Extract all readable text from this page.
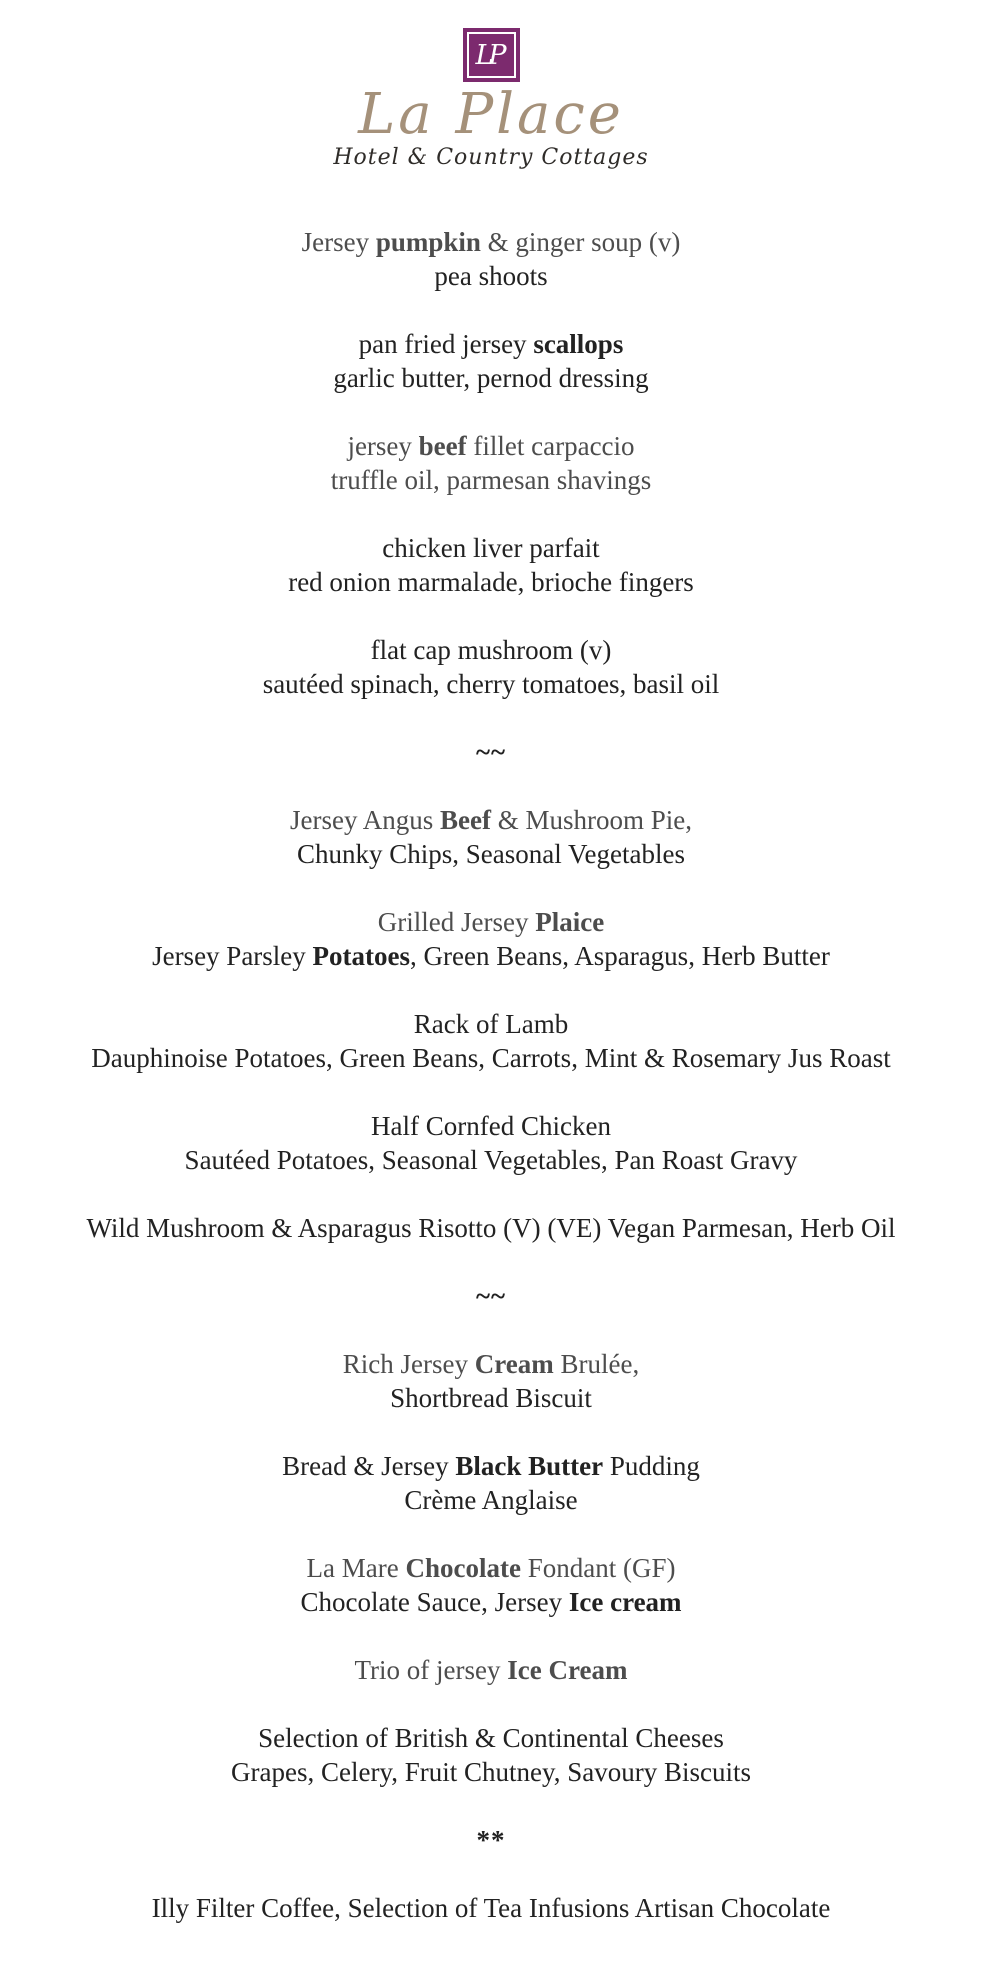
LP
La Place

Hotel & Country Cottages

Jersey pumpkin & ginger soup (v)

pea shoots

pan fried jersey scallops

garlic butter, pernod dressing

jersey beef fillet carpaccio

truffle oil, parmesan shavings

chicken liver parfait

red onion marmalade, brioche fingers

flat cap mushroom (v)

sautéed spinach, cherry tomatoes, basil oil

~~

Jersey Angus Beef & Mushroom Pie,

Chunky Chips, Seasonal Vegetables

Grilled Jersey Plaice

Jersey Parsley Potatoes, Green Beans, Asparagus, Herb Butter

Rack of Lamb

Dauphinoise Potatoes, Green Beans, Carrots, Mint & Rosemary Jus Roast

Half Cornfed Chicken

Sautéed Potatoes, Seasonal Vegetables, Pan Roast Gravy

Wild Mushroom & Asparagus Risotto (V) (VE) Vegan Parmesan, Herb Oil

~~

Rich Jersey Cream Brulée,

Shortbread Biscuit

Bread & Jersey Black Butter Pudding

Crème Anglaise

La Mare Chocolate Fondant (GF)

Chocolate Sauce, Jersey Ice cream

Trio of jersey Ice Cream

Selection of British & Continental Cheeses

Grapes, Celery, Fruit Chutney, Savoury Biscuits

**

Illy Filter Coffee, Selection of Tea Infusions Artisan Chocolate
